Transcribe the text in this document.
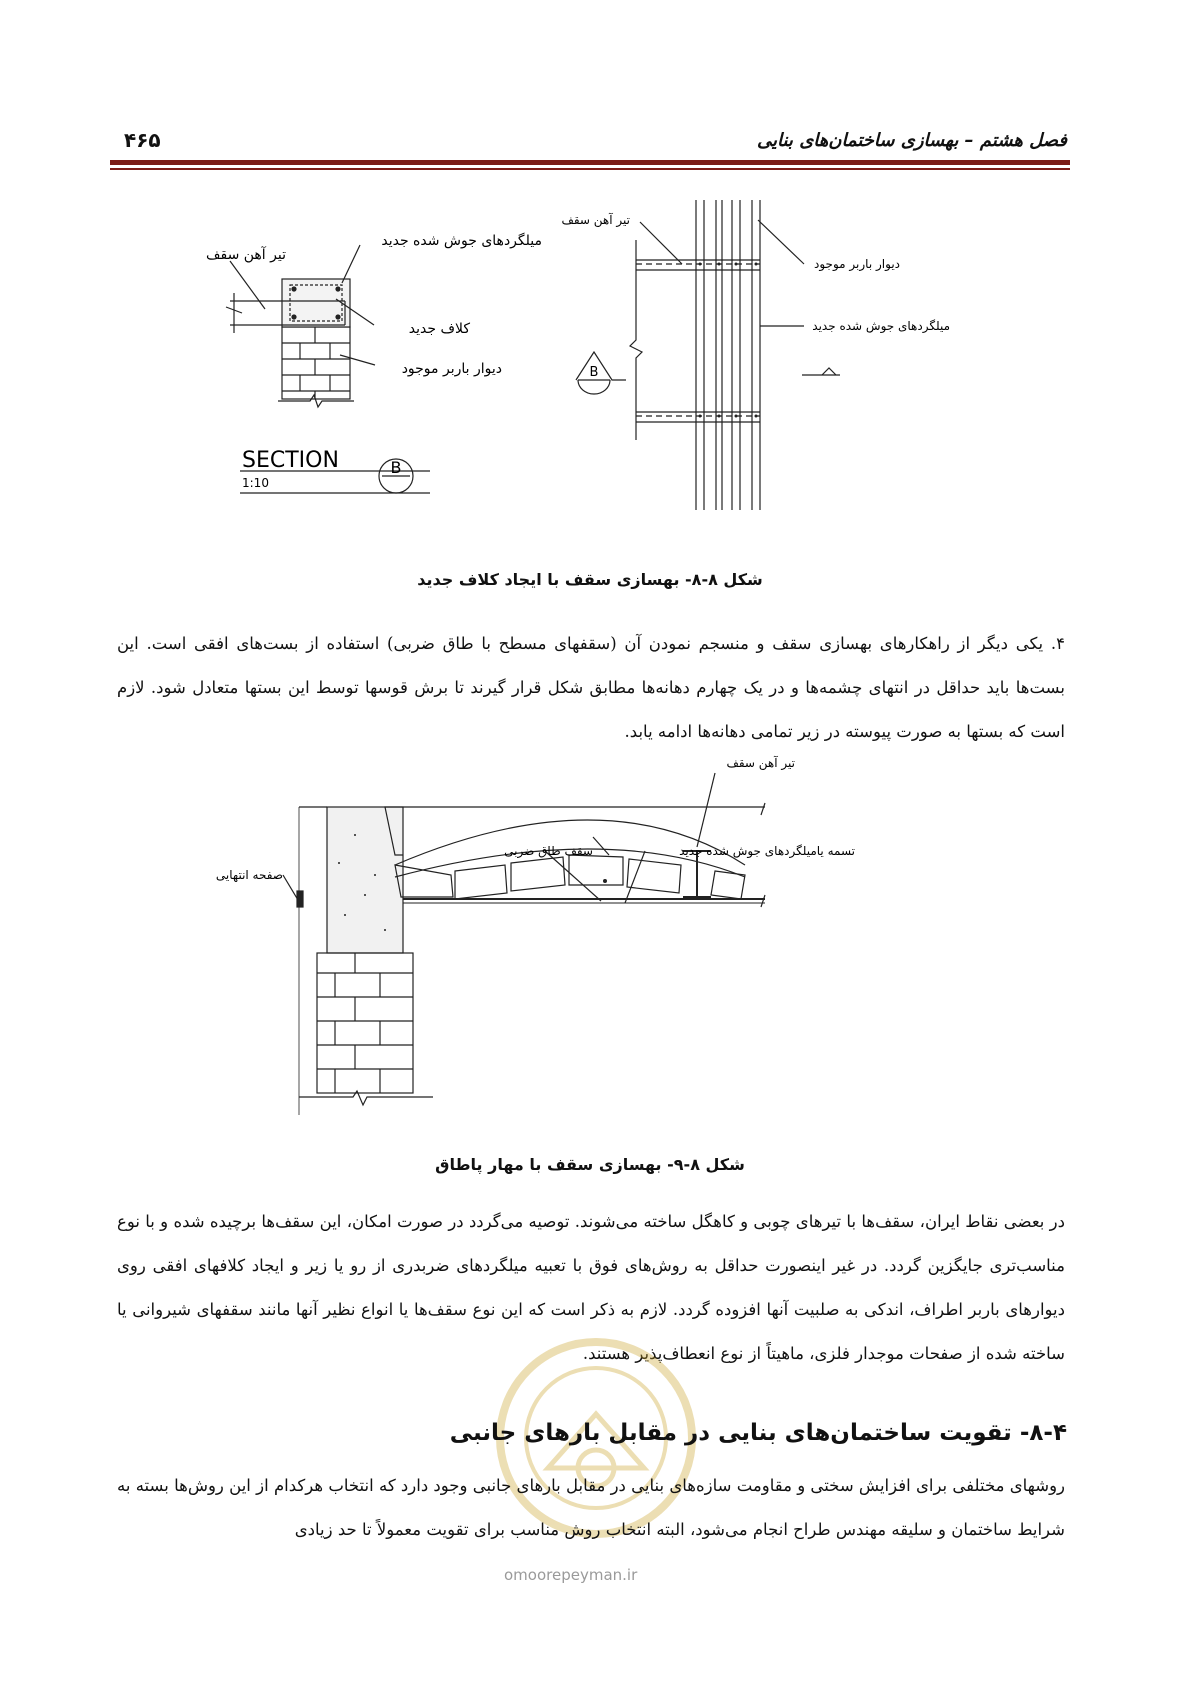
۴۶۵	فصل هشتم – بهسازی ساختمان‌های بنایی
تیر آهن سقف
میلگردهای جوش شده جدید
کلاف جدید
دیوار باربر موجود
SECTION	B
1:10
تیر آهن سقف
دیوار باربر موجود
میلگردهای جوش شده جدید
B
شکل ۸-۸- بهسازی سقف با ایجاد کلاف جدید
۴. یکی دیگر از راهکارهای بهسازی سقف و منسجم نمودن آن (سقفهای مسطح با طاق ضربی) استفاده از بست‌های افقی است. این بست‌ها باید حداقل در انتهای چشمه‌ها و در یک چهارم دهانه‌ها مطابق شکل قرار گیرند تا برش قوسها توسط این بستها متعادل شود. لازم است که بستها به صورت پیوسته در زیر تمامی دهانه‌ها ادامه یابد.
تیر آهن سقف
سقف طاق ضربی	تسمه یامیلگردهای جوش شده جدید
صفحه انتهایی
شکل ۸-۹- بهسازی سقف با مهار پاطاق
در بعضی نقاط ایران، سقف‌ها با تیرهای چوبی و کاهگل ساخته می‌شوند. توصیه می‌گردد در صورت امکان، این سقف‌ها برچیده شده و با نوع مناسب‌تری جایگزین گردد. در غیر اینصورت حداقل به روش‌های فوق با تعبیه میلگردهای ضربدری از رو یا زیر و ایجاد کلافهای افقی روی دیوارهای باربر اطراف، اندکی به صلبیت آنها افزوده گردد. لازم به ذکر است که این نوع سقف‌ها یا انواع نظیر آنها مانند سقفهای شیروانی یا ساخته شده از صفحات موجدار فلزی، ماهیتاً از نوع انعطاف‌پذیر هستند.
۸-۴- تقویت ساختمان‌های بنایی در مقابل بارهای جانبی
روشهای مختلفی برای افزایش سختی و مقاومت سازه‌های بنایی در مقابل بارهای جانبی وجود دارد که انتخاب هرکدام از این روش‌ها بسته به شرایط ساختمان و سلیقه مهندس طراح انجام می‌شود، البته انتخاب روش مناسب برای تقویت معمولاً تا حد زیادی
omoorepeyman.ir
